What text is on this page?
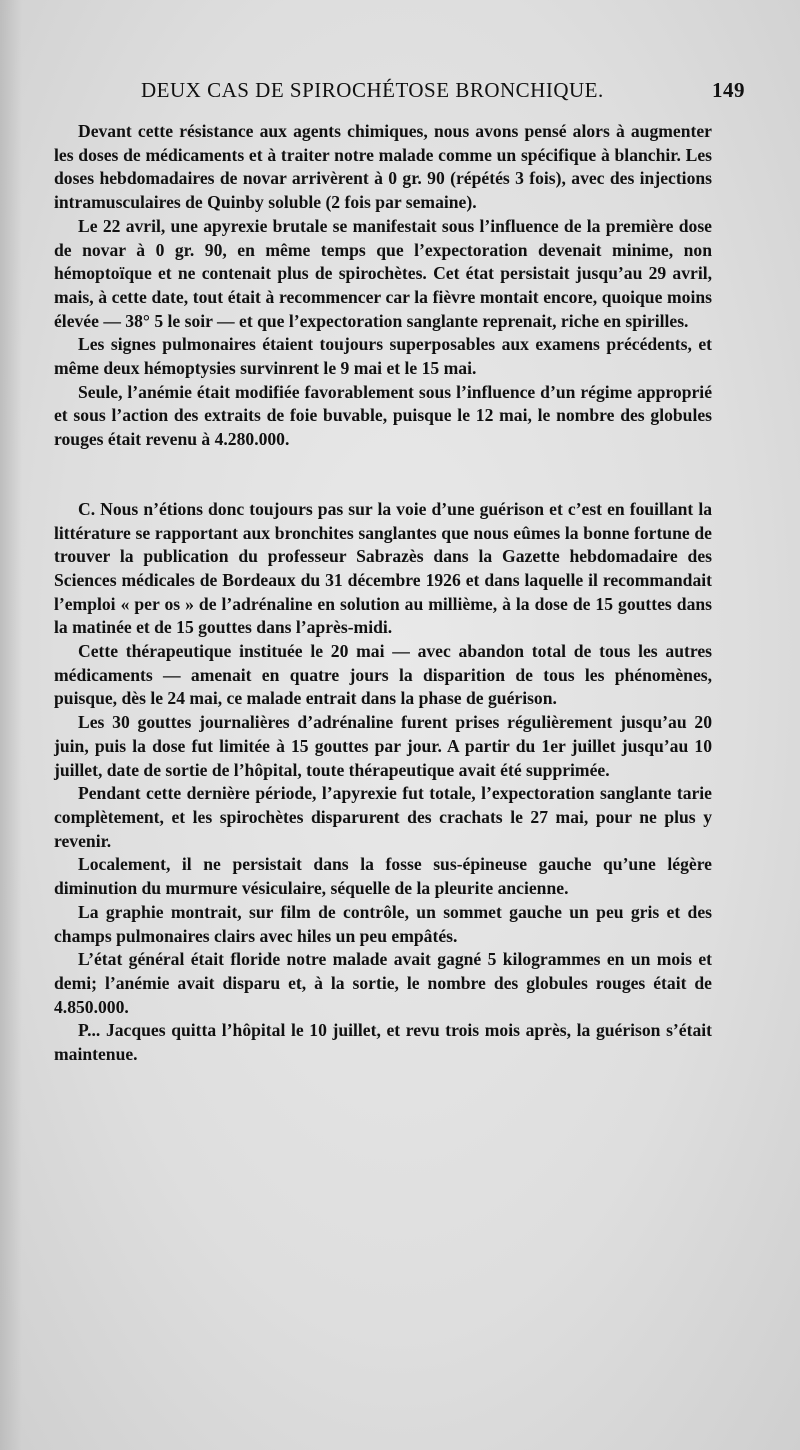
DEUX CAS DE SPIROCHÉTOSE BRONCHIQUE.	149

Devant cette résistance aux agents chimiques, nous avons pensé alors à augmenter les doses de médicaments et à traiter notre malade comme un spécifique à blanchir. Les doses hebdomadaires de novar arrivèrent à 0 gr. 90 (répétés 3 fois), avec des injections intramusculaires de Quinby soluble (2 fois par semaine).

Le 22 avril, une apyrexie brutale se manifestait sous l’influence de la première dose de novar à 0 gr. 90, en même temps que l’expectoration devenait minime, non hémoptoïque et ne contenait plus de spirochètes. Cet état persistait jusqu’au 29 avril, mais, à cette date, tout était à recommencer car la fièvre montait encore, quoique moins élevée — 38° 5 le soir — et que l’expectoration sanglante reprenait, riche en spirilles.

Les signes pulmonaires étaient toujours superposables aux examens précédents, et même deux hémoptysies survinrent le 9 mai et le 15 mai.

Seule, l’anémie était modifiée favorablement sous l’influence d’un régime approprié et sous l’action des extraits de foie buvable, puisque le 12 mai, le nombre des globules rouges était revenu à 4.280.000.

C. Nous n’étions donc toujours pas sur la voie d’une guérison et c’est en fouillant la littérature se rapportant aux bronchites sanglantes que nous eûmes la bonne fortune de trouver la publication du professeur Sabrazès dans la Gazette hebdomadaire des Sciences médicales de Bordeaux du 31 décembre 1926 et dans laquelle il recommandait l’emploi « per os » de l’adrénaline en solution au millième, à la dose de 15 gouttes dans la matinée et de 15 gouttes dans l’après-midi.

Cette thérapeutique instituée le 20 mai — avec abandon total de tous les autres médicaments — amenait en quatre jours la disparition de tous les phénomènes, puisque, dès le 24 mai, ce malade entrait dans la phase de guérison.

Les 30 gouttes journalières d’adrénaline furent prises régulièrement jusqu’au 20 juin, puis la dose fut limitée à 15 gouttes par jour. A partir du 1er juillet jusqu’au 10 juillet, date de sortie de l’hôpital, toute thérapeutique avait été supprimée.

Pendant cette dernière période, l’apyrexie fut totale, l’expectoration sanglante tarie complètement, et les spirochètes disparurent des crachats le 27 mai, pour ne plus y revenir.

Localement, il ne persistait dans la fosse sus-épineuse gauche qu’une légère diminution du murmure vésiculaire, séquelle de la pleurite ancienne.

La graphie montrait, sur film de contrôle, un sommet gauche un peu gris et des champs pulmonaires clairs avec hiles un peu empâtés.

L’état général était floride notre malade avait gagné 5 kilogrammes en un mois et demi; l’anémie avait disparu et, à la sortie, le nombre des globules rouges était de 4.850.000.

P... Jacques quitta l’hôpital le 10 juillet, et revu trois mois après, la guérison s’était maintenue.
